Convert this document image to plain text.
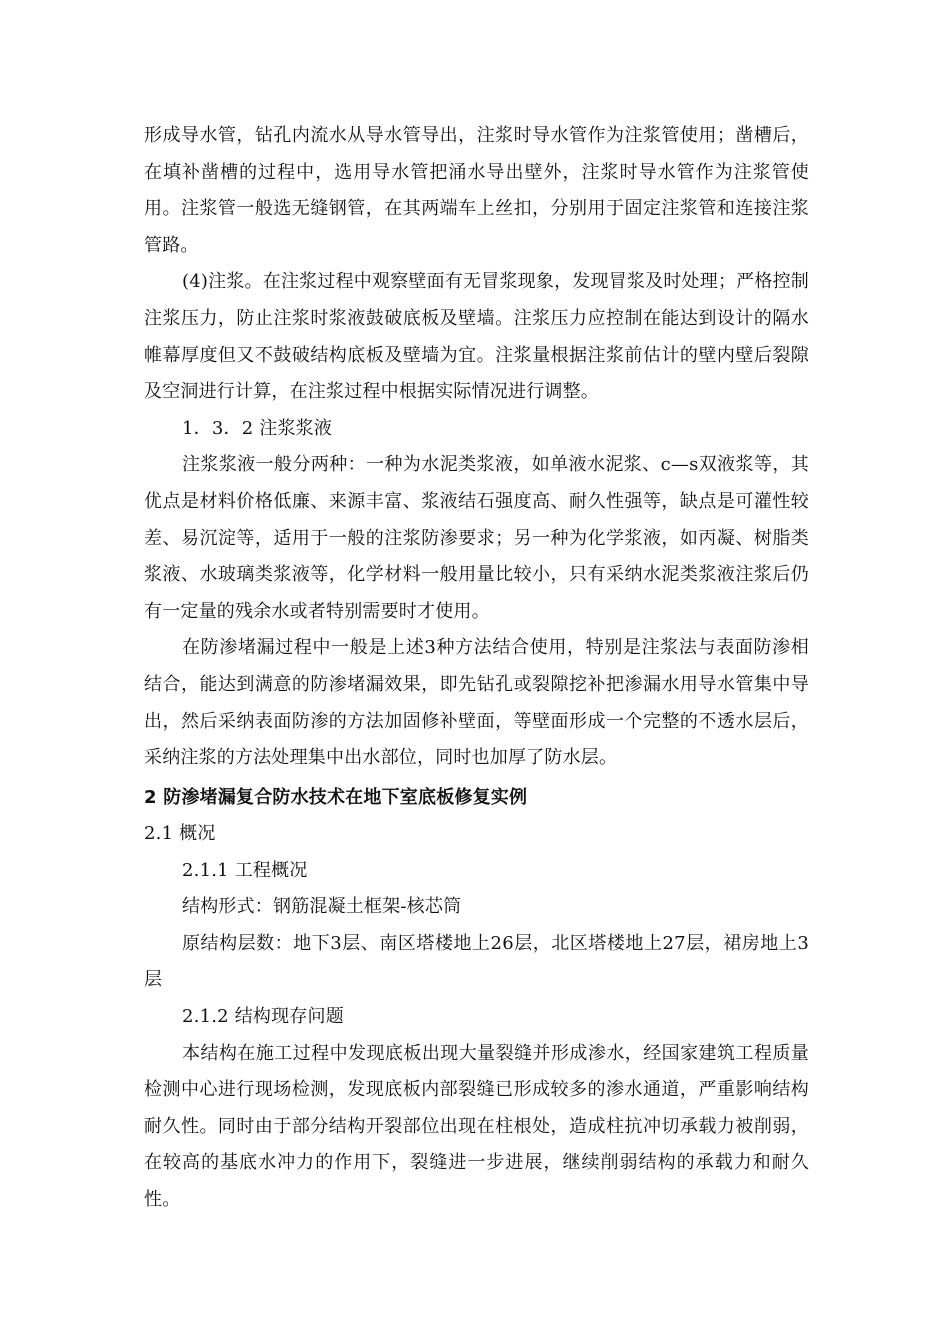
形成导水管，钻孔内流水从导水管导出，注浆时导水管作为注浆管使用；凿槽后，在填补凿槽的过程中，选用导水管把涌水导出壁外，注浆时导水管作为注浆管使用。注浆管一般选无缝钢管，在其两端车上丝扣，分别用于固定注浆管和连接注浆管路。

(4)注浆。在注浆过程中观察壁面有无冒浆现象，发现冒浆及时处理；严格控制注浆压力，防止注浆时浆液鼓破底板及壁墙。注浆压力应控制在能达到设计的隔水帷幕厚度但又不鼓破结构底板及壁墙为宜。注浆量根据注浆前估计的壁内壁后裂隙及空洞进行计算，在注浆过程中根据实际情况进行调整。

1．3．2 注浆浆液

注浆浆液一般分两种：一种为水泥类浆液，如单液水泥浆、c—s双液浆等，其优点是材料价格低廉、来源丰富、浆液结石强度高、耐久性强等，缺点是可灌性较差、易沉淀等，适用于一般的注浆防渗要求；另一种为化学浆液，如丙凝、树脂类浆液、水玻璃类浆液等，化学材料一般用量比较小，只有采纳水泥类浆液注浆后仍有一定量的残余水或者特别需要时才使用。

在防渗堵漏过程中一般是上述3种方法结合使用，特别是注浆法与表面防渗相结合，能达到满意的防渗堵漏效果，即先钻孔或裂隙挖补把渗漏水用导水管集中导出，然后采纳表面防渗的方法加固修补壁面，等壁面形成一个完整的不透水层后，采纳注浆的方法处理集中出水部位，同时也加厚了防水层。

2 防渗堵漏复合防水技术在地下室底板修复实例

2.1 概况

2.1.1 工程概况

结构形式：钢筋混凝土框架-核芯筒

原结构层数：地下3层、南区塔楼地上26层，北区塔楼地上27层，裙房地上3层

2.1.2 结构现存问题

本结构在施工过程中发现底板出现大量裂缝并形成渗水，经国家建筑工程质量检测中心进行现场检测，发现底板内部裂缝已形成较多的渗水通道，严重影响结构耐久性。同时由于部分结构开裂部位出现在柱根处，造成柱抗冲切承载力被削弱，在较高的基底水冲力的作用下，裂缝进一步进展，继续削弱结构的承载力和耐久性。
